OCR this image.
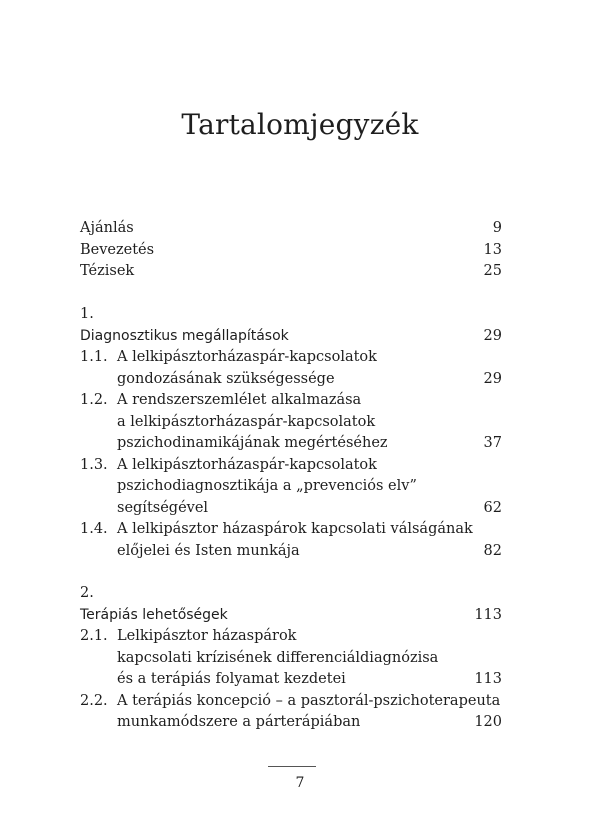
Tartalomjegyzék
Ajánlás	9
Bevezetés	13
Tézisek	25
1.
Diagnosztikus megállapítások	29
1.1. A lelkipásztorházaspár-kapcsolatok
gondozásának szükségessége	29
1.2. A rendszerszemlélet alkalmazása
a lelkipásztorházaspár-kapcsolatok
pszichodinamikájának megértéséhez	37
1.3. A lelkipásztorházaspár-kapcsolatok
pszichodiagnosztikája a „prevenciós elv”
segítségével	62
1.4. A lelkipásztor házaspárok kapcsolati válságának
előjelei és Isten munkája	82
2.
Terápiás lehetőségek	113
2.1. Lelkipásztor házaspárok
kapcsolati krízisének differenciáldiagnózisa
és a terápiás folyamat kezdetei	113
2.2. A terápiás koncepció – a pasztorál-pszichoterapeuta
munkamódszere a párterápiában	120
7
